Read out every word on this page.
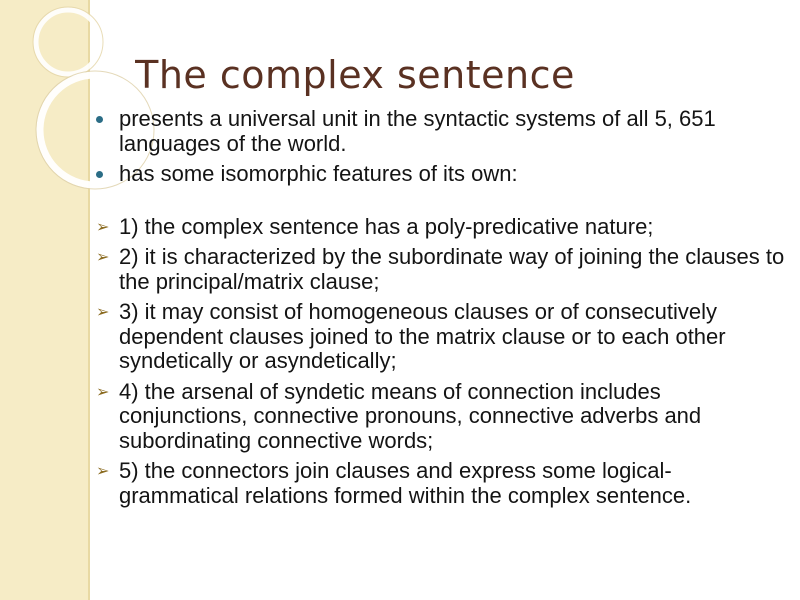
The complex sentence
presents a universal unit in the syntactic systems of all 5, 651 languages of the world.
has some isomorphic features of its own:
➢ 1) the complex sentence has a poly-predicative nature;
➢ 2) it is characterized by the subordinate way of joining the clauses to the principal/matrix clause;
➢ 3) it may consist of homogeneous clauses or of consecutively dependent clauses joined to the matrix clause or to each other syndetically or asyndetically;
➢ 4) the arsenal of syndetic means of connection includes conjunctions, connective pronouns, connective adverbs and subordinating connective words;
➢ 5) the connectors join clauses and express some logical-grammatical relations formed within the complex sentence.
